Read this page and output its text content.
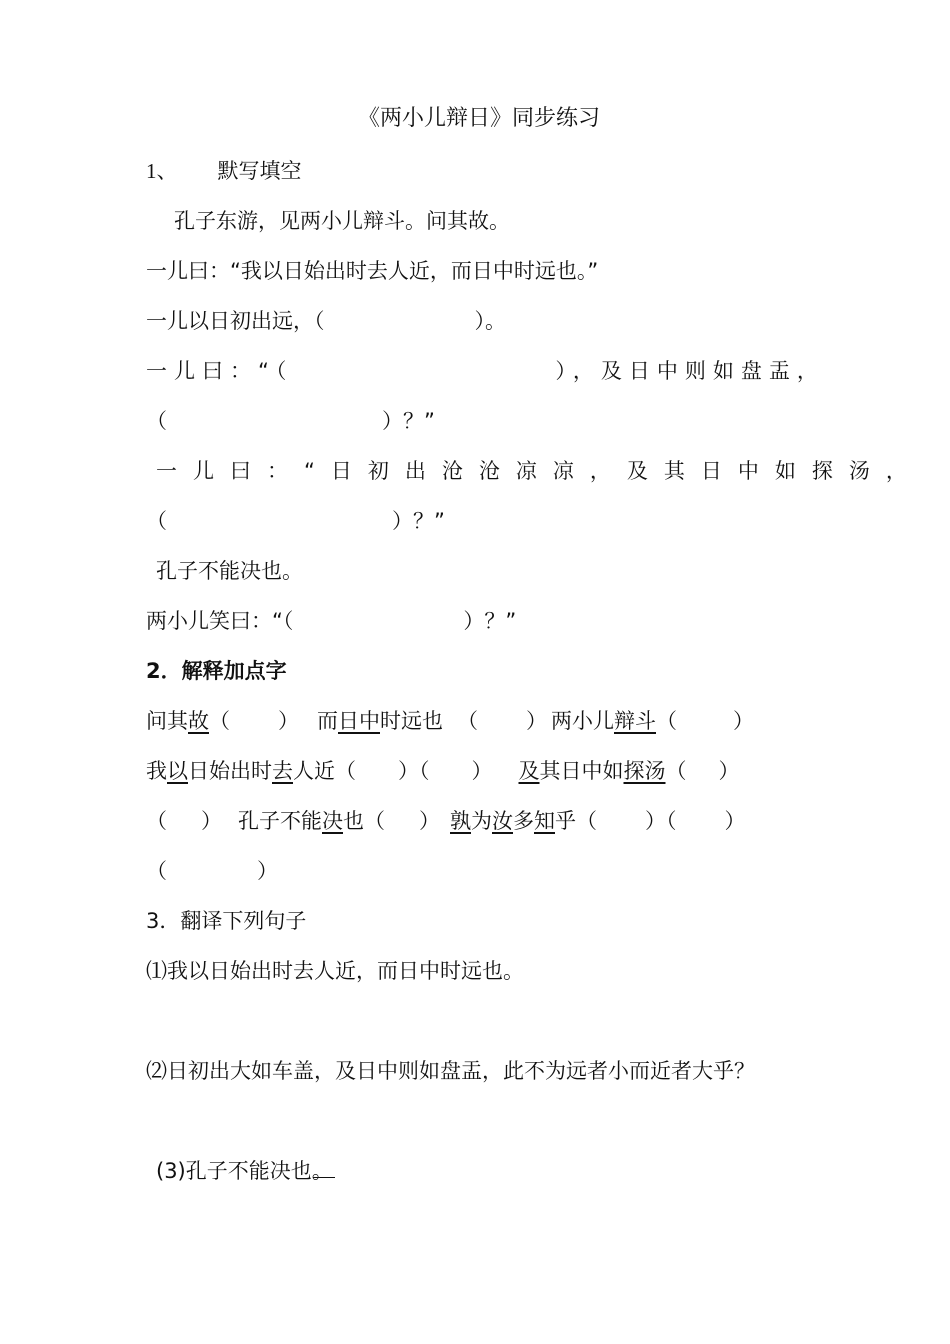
《两小儿辩日》同步练习
1、 默写填空
孔子东游，见两小儿辩斗。问其故。
一儿曰：“我以日始出时去人近，而日中时远也。”
一儿以日初出远，（	）。
一儿曰：“（	），及日中则如盘盂，
（	）？”
一儿曰：“日初出沧沧凉凉，及其日中如探汤，
（	）？”
孔子不能决也。
两小儿笑曰：“（	）？”
2．解释加点字
问其故（ ） 而日中时远也 （ ） 两小儿辩斗（	）
我以日始出时去人近（ ）（ ） 及其日中如探汤（ ）
（ ） 孔子不能决也（ ） 孰为汝多知乎（ ）（ ）
（	）
3．翻译下列句子
⑴我以日始出时去人近，而日中时远也。
⑵日初出大如车盖，及日中则如盘盂，此不为远者小而近者大乎？
(3)孔子不能决也。
